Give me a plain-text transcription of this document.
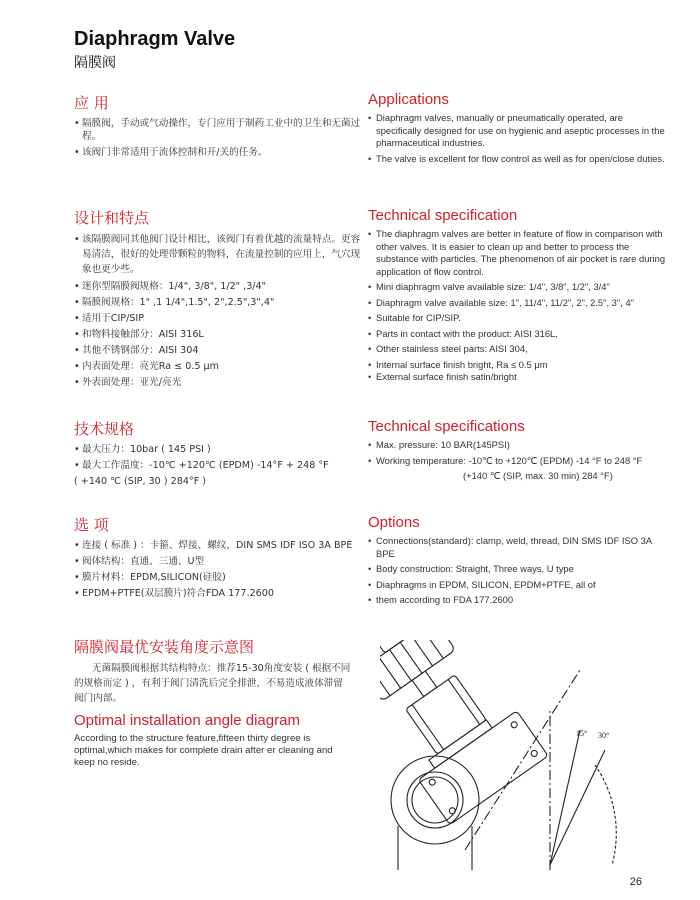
Diaphragm Valve
隔膜阀
应 用

• 隔膜阀，手动或气动操作，专门应用于制药工业中的卫生和无菌过程。

• 该阀门非常适用于流体控制和开/关的任务。

Applications

• Diaphragm valves, manually or pneumatically operated, are specifically designed for use on hygienic and aseptic processes in the pharmaceutical industries.

• The valve is excellent for flow control as well as for open/close duties.

设计和特点

• 该隔膜阀同其他阀门设计相比，该阀门有着优越的流量特点。更容易清洁，很好的处理带颗粒的物料，在流量控制的应用上，气穴现象也更少些。

• 迷你型隔膜阀规格：1/4", 3/8", 1/2" ,3/4"

• 隔膜阀规格：1" ,1 1/4",1.5", 2",2.5",3",4"

• 适用于CIP/SIP

• 和物料接触部分：AISI 316L

• 其他不锈钢部分：AISI 304

• 内表面处理：亮光Ra ≤ 0.5 μm

• 外表面处理：亚光/亮光

Technical specification

• The diaphragm valves are better in feature of flow in comparison with other valves. It is easier to clean up and better to process the substance with particles. The phenomenon of air pocket is rare during application of flow control.

• Mini diaphragm valve available size: 1/4", 3/8", 1/2", 3/4"

• Diaphragm valve available size: 1", 11/4", 11/2", 2", 2.5", 3", 4"

• Suitable for CIP/SIP.

• Parts in contact with the product: AISI 316L,

• Other stainless steel parts: AISI 304,

• Internal surface finish bright, Ra ≤ 0.5 μm

• External surface finish satin/bright

技术规格

• 最大压力：10bar ( 145 PSI )

• 最大工作温度：-10℃ +120℃ (EPDM) -14°F + 248 °F

( +140 ℃ (SIP, 30 ) 284°F )

Technical specifications

• Max. pressure: 10 BAR(145PSI)

• Working temperature: -10℃ to +120℃ (EPDM) -14 °F to 248 °F

(+140 ℃ (SIP, max. 30 min) 284 °F)

选 项

• 连接 ( 标准 ) ：卡箍、焊接、螺纹，DIN SMS IDF ISO 3A BPE

• 阀体结构：直通、三通、U型

• 膜片材料：EPDM,SILICON(硅胶)

• EPDM+PTFE(双层膜片)符合FDA 177.2600

Options

• Connections(standard): clamp, weld, thread, DIN SMS IDF ISO 3A BPE

• Body construction: Straight, Three ways, U type

• Diaphragms in EPDM, SILICON, EPDM+PTFE, all of

• them according to FDA 177.2600

隔膜阀最优安装角度示意图

无菌隔膜阀根据其结构特点：推荐15-30角度安装 ( 根据不同的规格而定 ) ，有利于阀门清洗后完全排泄，不易造成液体滞留阀门内部。

Optimal installation angle diagram

According to the structure feature,fifteen thirty degree is optimal,which makes for complete drain after er cleaning and keep no reside.

15° 30°
26
